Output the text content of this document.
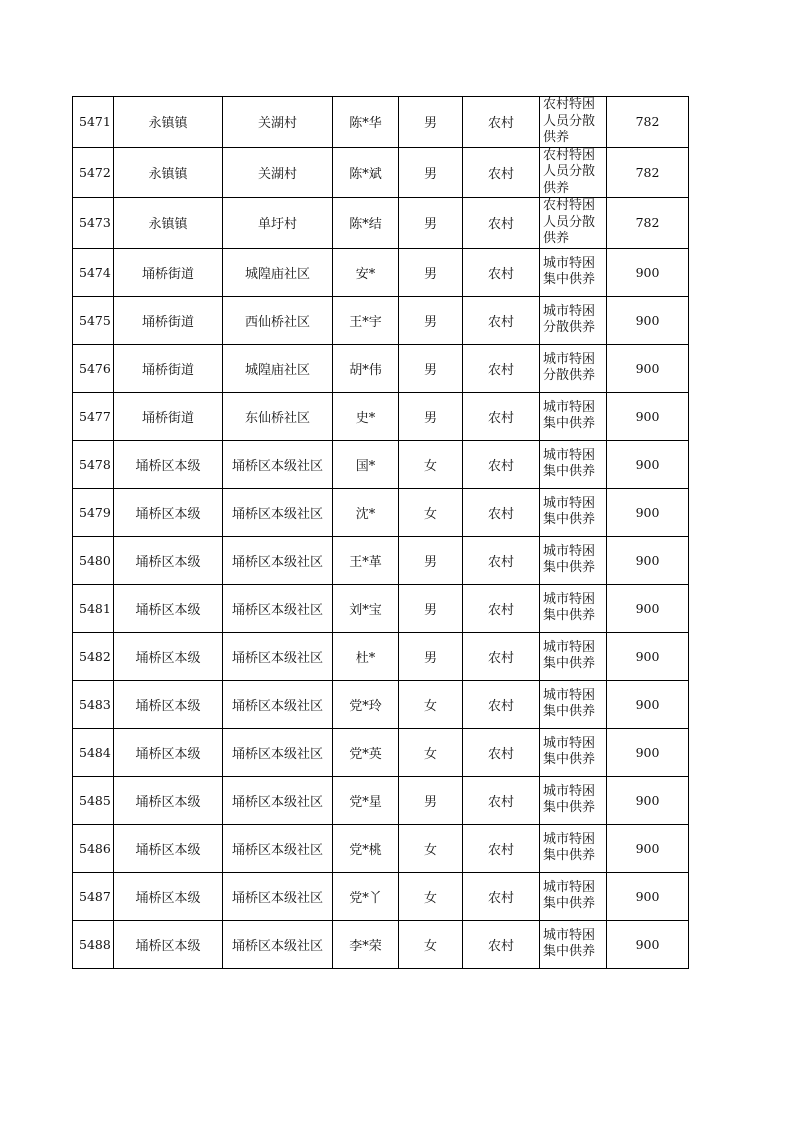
5471	永镇镇	关湖村	陈*华	男	农村	农村特困人员分散供养	782
5472	永镇镇	关湖村	陈*斌	男	农村	农村特困人员分散供养	782
5473	永镇镇	单圩村	陈*结	男	农村	农村特困人员分散供养	782
5474	埇桥街道	城隍庙社区	安*	男	农村	城市特困集中供养	900
5475	埇桥街道	西仙桥社区	王*宇	男	农村	城市特困分散供养	900
5476	埇桥街道	城隍庙社区	胡*伟	男	农村	城市特困分散供养	900
5477	埇桥街道	东仙桥社区	史*	男	农村	城市特困集中供养	900
5478	埇桥区本级	埇桥区本级社区	国*	女	农村	城市特困集中供养	900
5479	埇桥区本级	埇桥区本级社区	沈*	女	农村	城市特困集中供养	900
5480	埇桥区本级	埇桥区本级社区	王*革	男	农村	城市特困集中供养	900
5481	埇桥区本级	埇桥区本级社区	刘*宝	男	农村	城市特困集中供养	900
5482	埇桥区本级	埇桥区本级社区	杜*	男	农村	城市特困集中供养	900
5483	埇桥区本级	埇桥区本级社区	党*玲	女	农村	城市特困集中供养	900
5484	埇桥区本级	埇桥区本级社区	党*英	女	农村	城市特困集中供养	900
5485	埇桥区本级	埇桥区本级社区	党*星	男	农村	城市特困集中供养	900
5486	埇桥区本级	埇桥区本级社区	党*桃	女	农村	城市特困集中供养	900
5487	埇桥区本级	埇桥区本级社区	党*丫	女	农村	城市特困集中供养	900
5488	埇桥区本级	埇桥区本级社区	李*荣	女	农村	城市特困集中供养	900
